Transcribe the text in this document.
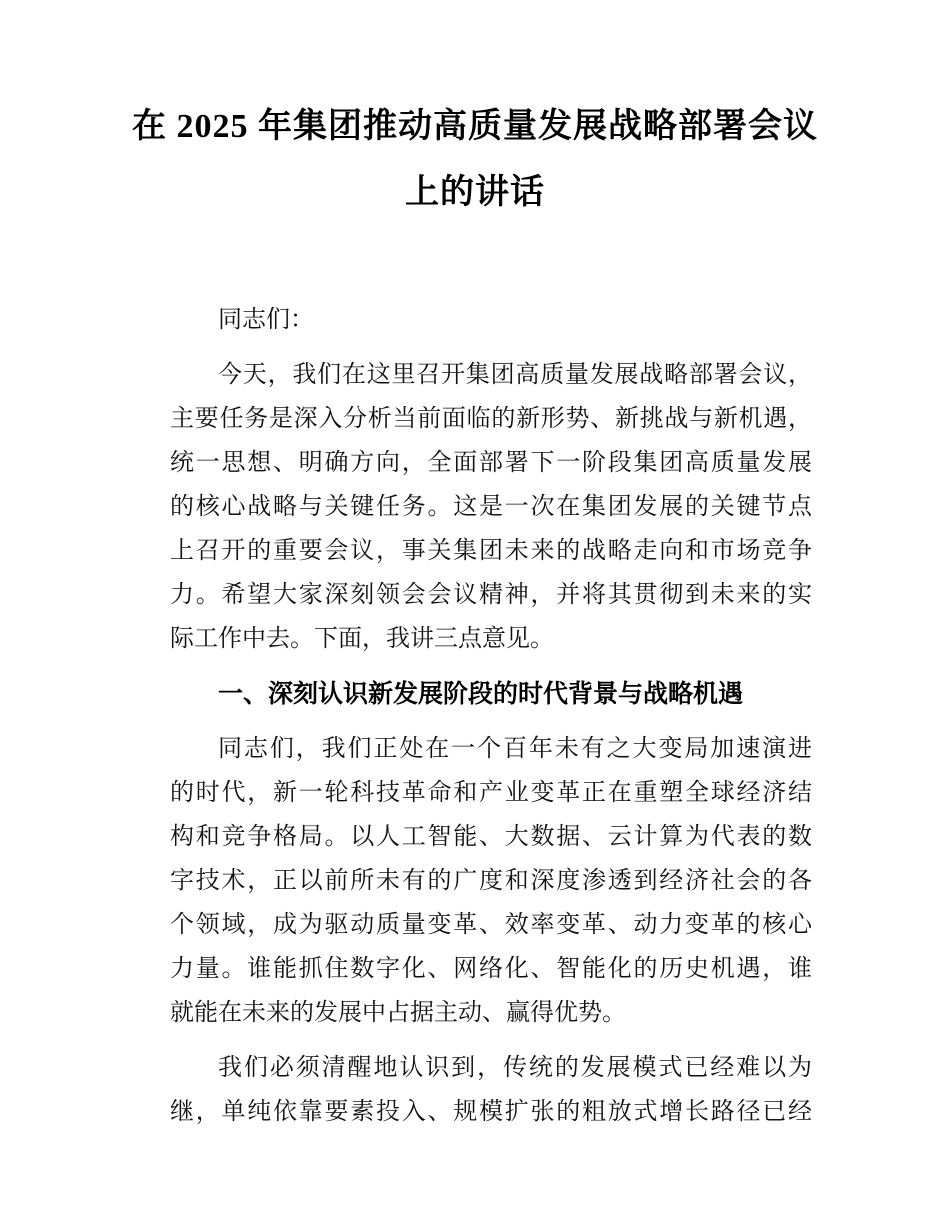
在 2025 年集团推动高质量发展战略部署会议
上的讲话

同志们：

今天，我们在这里召开集团高质量发展战略部署会议，
主要任务是深入分析当前面临的新形势、新挑战与新机遇，
统一思想、明确方向，全面部署下一阶段集团高质量发展
的核心战略与关键任务。这是一次在集团发展的关键节点
上召开的重要会议，事关集团未来的战略走向和市场竞争
力。希望大家深刻领会会议精神，并将其贯彻到未来的实
际工作中去。下面，我讲三点意见。
一、深刻认识新发展阶段的时代背景与战略机遇
同志们，我们正处在一个百年未有之大变局加速演进
的时代，新一轮科技革命和产业变革正在重塑全球经济结
构和竞争格局。以人工智能、大数据、云计算为代表的数
字技术，正以前所未有的广度和深度渗透到经济社会的各
个领域，成为驱动质量变革、效率变革、动力变革的核心
力量。谁能抓住数字化、网络化、智能化的历史机遇，谁
就能在未来的发展中占据主动、赢得优势。
我们必须清醒地认识到，传统的发展模式已经难以为
继，单纯依靠要素投入、规模扩张的粗放式增长路径已经
